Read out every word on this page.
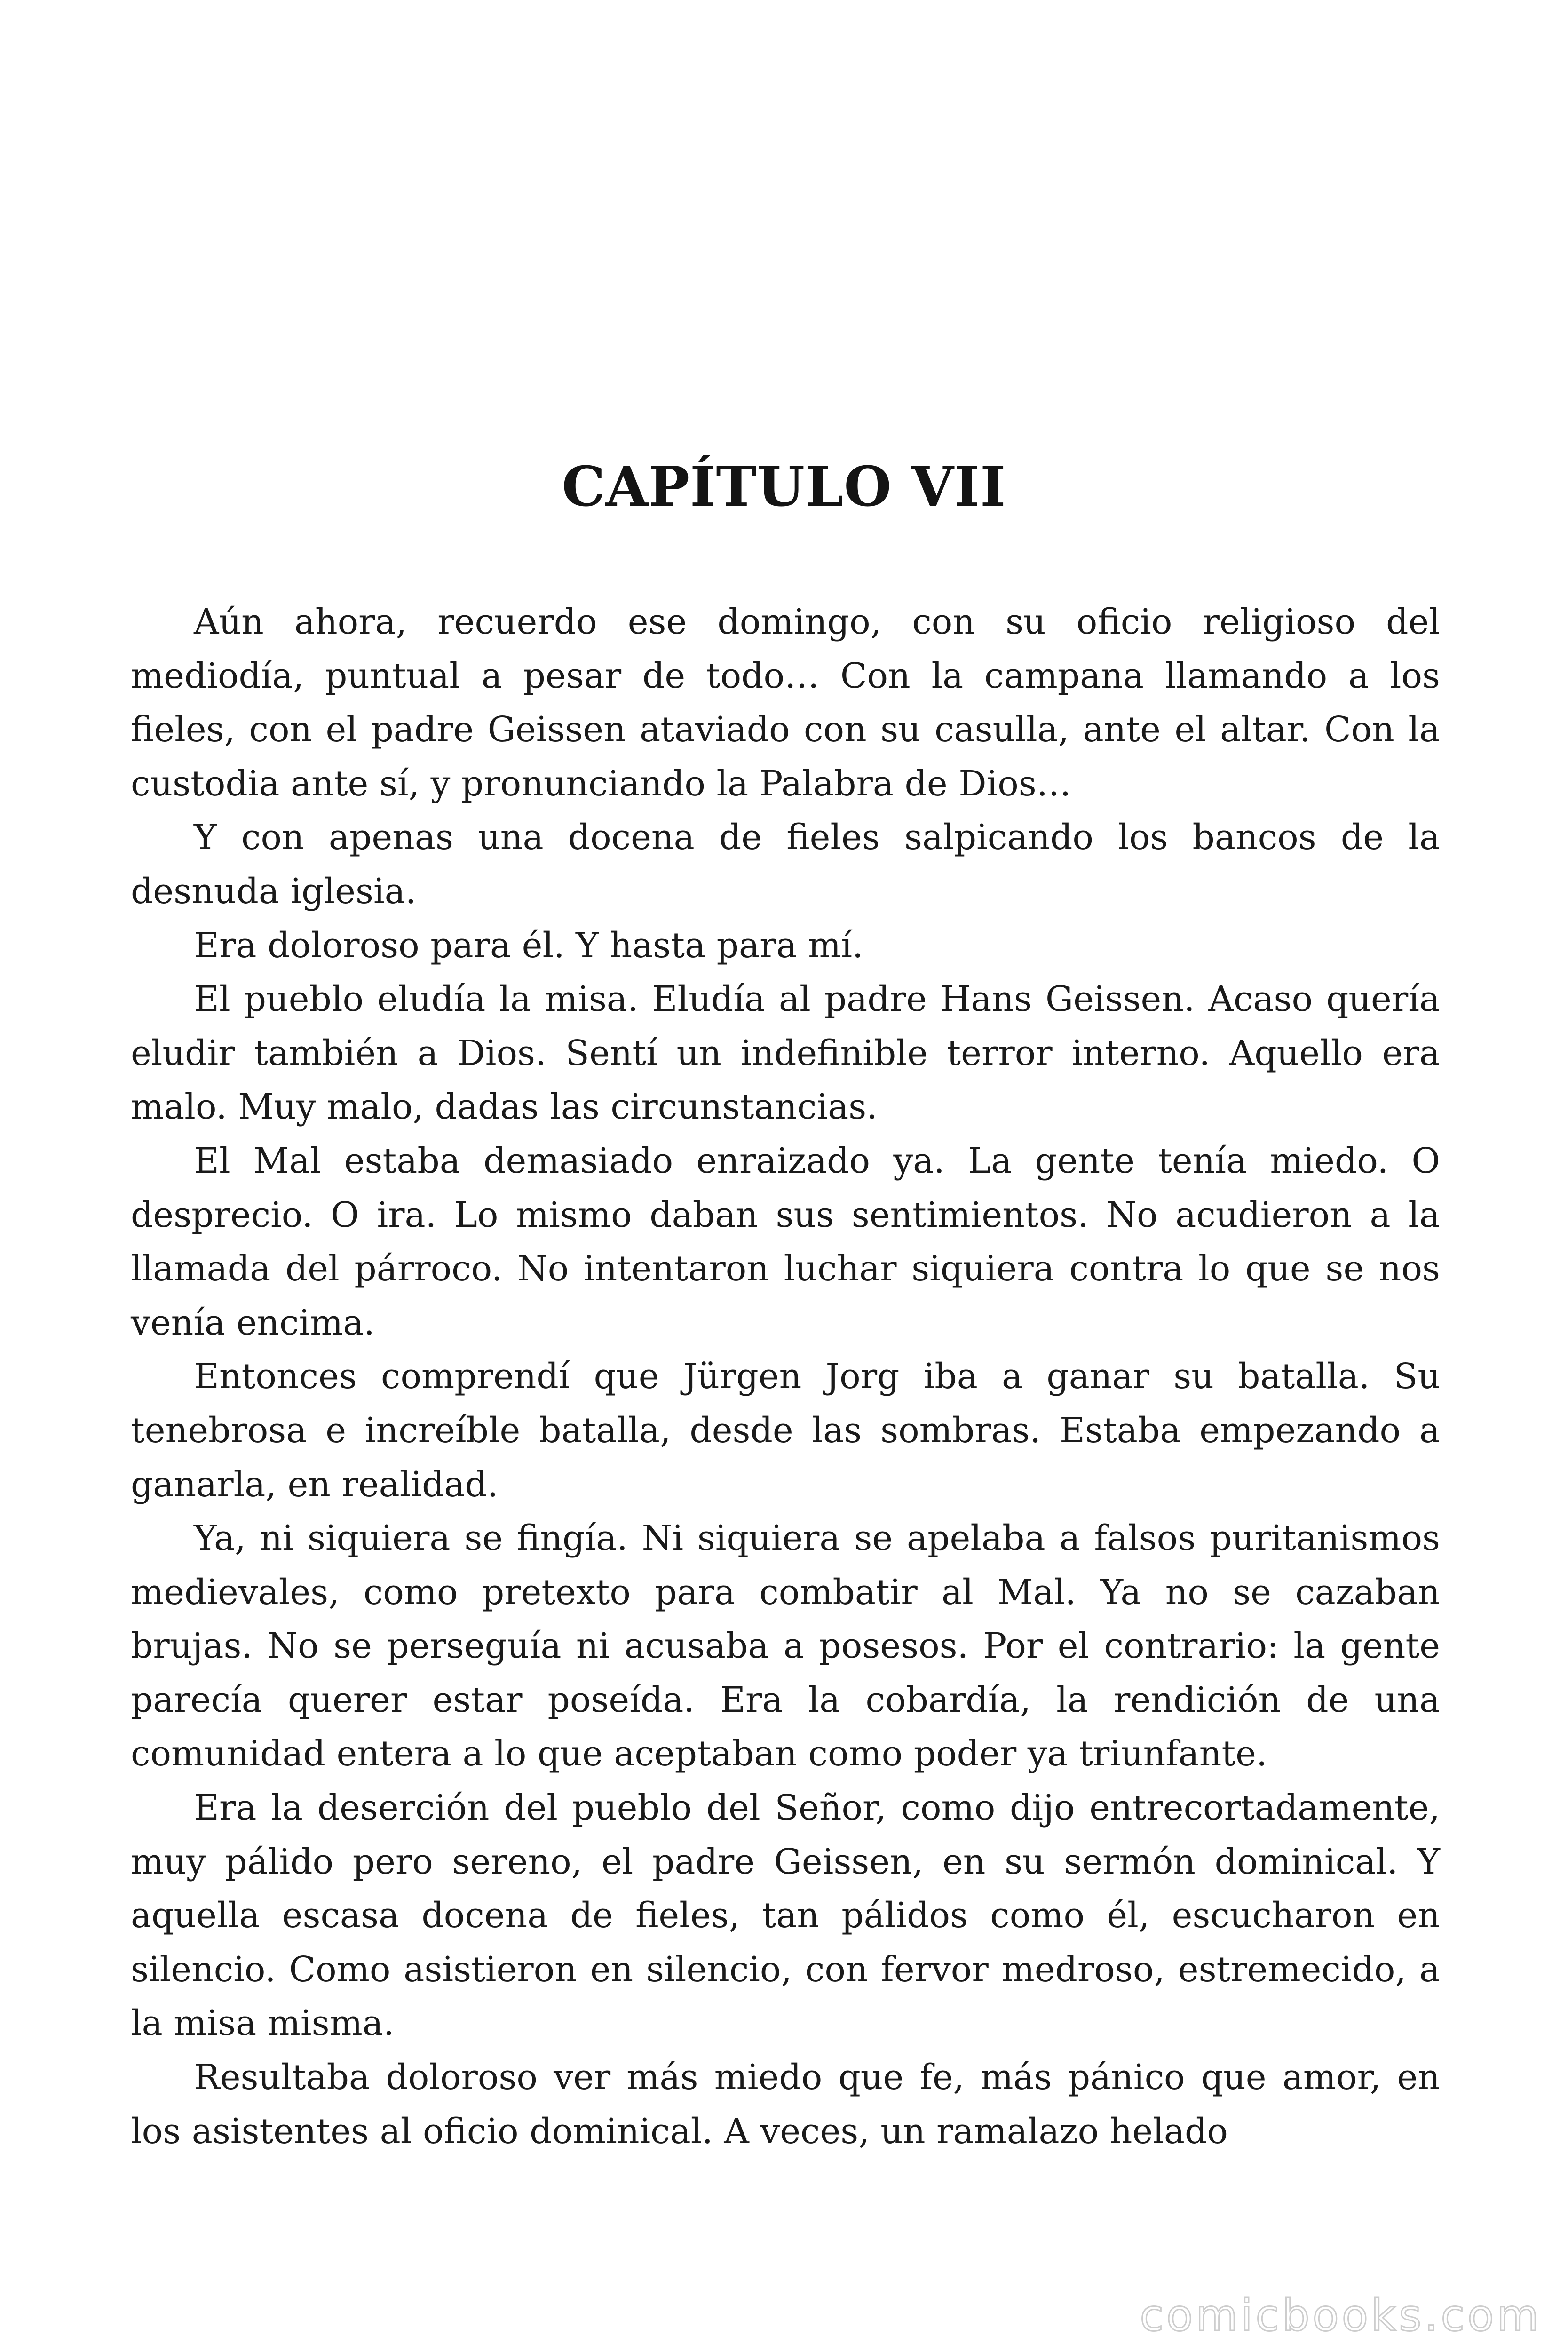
CAPÍTULO VII

Aún ahora, recuerdo ese domingo, con su oficio religioso del mediodía, puntual a pesar de todo… Con la campana llamando a los fieles, con el padre Geissen ataviado con su casulla, ante el altar. Con la custodia ante sí, y pronunciando la Palabra de Dios…

Y con apenas una docena de fieles salpicando los bancos de la desnuda iglesia.

Era doloroso para él. Y hasta para mí.

El pueblo eludía la misa. Eludía al padre Hans Geissen. Acaso quería eludir también a Dios. Sentí un indefinible terror interno. Aquello era malo. Muy malo, dadas las circunstancias.

El Mal estaba demasiado enraizado ya. La gente tenía miedo. O desprecio. O ira. Lo mismo daban sus sentimientos. No acudieron a la llamada del párroco. No intentaron luchar siquiera contra lo que se nos venía encima.

Entonces comprendí que Jürgen Jorg iba a ganar su batalla. Su tenebrosa e increíble batalla, desde las sombras. Estaba empezando a ganarla, en realidad.

Ya, ni siquiera se fingía. Ni siquiera se apelaba a falsos puritanismos medievales, como pretexto para combatir al Mal. Ya no se cazaban brujas. No se perseguía ni acusaba a posesos. Por el contrario: la gente parecía querer estar poseída. Era la cobardía, la rendición de una comunidad entera a lo que aceptaban como poder ya triunfante.

Era la deserción del pueblo del Señor, como dijo entrecortadamente, muy pálido pero sereno, el padre Geissen, en su sermón dominical. Y aquella escasa docena de fieles, tan pálidos como él, escucharon en silencio. Como asistieron en silencio, con fervor medroso, estremecido, a la misa misma.

Resultaba doloroso ver más miedo que fe, más pánico que amor, en los asistentes al oficio dominical. A veces, un ramalazo helado

comicbooks.com
